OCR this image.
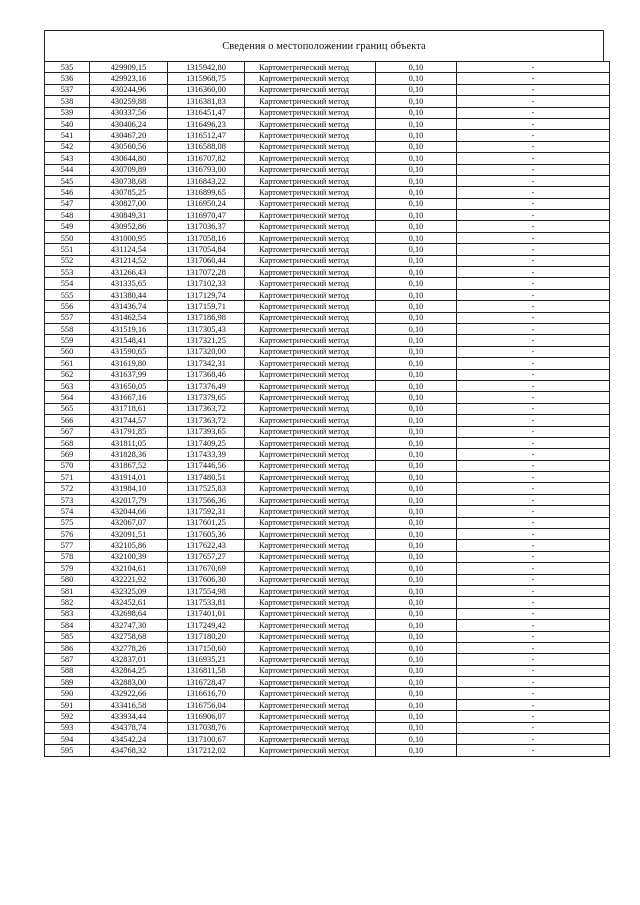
Сведения о местоположении границ объекта
535	429909,15	1315942,80	Картометрический метод	0,10	-
536	429923,16	1315968,75	Картометрический метод	0,10	-
537	430244,96	1316360,00	Картометрический метод	0,10	-
538	430259,88	1316381,83	Картометрический метод	0,10	-
539	430337,56	1316451,47	Картометрический метод	0,10	-
540	430406,24	1316496,23	Картометрический метод	0,10	-
541	430467,20	1316512,47	Картометрический метод	0,10	-
542	430560,56	1316588,08	Картометрический метод	0,10	-
543	430644,80	1316707,82	Картометрический метод	0,10	-
544	430709,89	1316793,00	Картометрический метод	0,10	-
545	430738,68	1316843,22	Картометрический метод	0,10	-
546	430785,25	1316899,65	Картометрический метод	0,10	-
547	430827,00	1316950,24	Картометрический метод	0,10	-
548	430849,31	1316970,47	Картометрический метод	0,10	-
549	430952,86	1317036,37	Картометрический метод	0,10	-
550	431000,95	1317058,16	Картометрический метод	0,10	-
551	431124,54	1317054,84	Картометрический метод	0,10	-
552	431214,52	1317060,44	Картометрический метод	0,10	-
553	431266,43	1317072,28	Картометрический метод	0,10	-
554	431335,65	1317102,33	Картометрический метод	0,10	-
555	431380,44	1317129,74	Картометрический метод	0,10	-
556	431436,74	1317159,71	Картометрический метод	0,10	-
557	431462,54	1317186,98	Картометрический метод	0,10	-
558	431519,16	1317305,43	Картометрический метод	0,10	-
559	431548,41	1317321,25	Картометрический метод	0,10	-
560	431590,65	1317320,00	Картометрический метод	0,10	-
561	431619,80	1317342,31	Картометрический метод	0,10	-
562	431637,99	1317368,46	Картометрический метод	0,10	-
563	431650,05	1317376,49	Картометрический метод	0,10	-
564	431667,16	1317379,65	Картометрический метод	0,10	-
565	431718,61	1317363,72	Картометрический метод	0,10	-
566	431744,57	1317363,72	Картометрический метод	0,10	-
567	431791,85	1317393,65	Картометрический метод	0,10	-
568	431811,05	1317409,25	Картометрический метод	0,10	-
569	431828,36	1317433,39	Картометрический метод	0,10	-
570	431867,52	1317446,56	Картометрический метод	0,10	-
571	431914,01	1317480,51	Картометрический метод	0,10	-
572	431984,10	1317525,83	Картометрический метод	0,10	-
573	432017,79	1317566,36	Картометрический метод	0,10	-
574	432044,66	1317592,31	Картометрический метод	0,10	-
575	432067,07	1317601,25	Картометрический метод	0,10	-
576	432091,51	1317605,36	Картометрический метод	0,10	-
577	432105,86	1317622,43	Картометрический метод	0,10	-
578	432100,39	1317657,27	Картометрический метод	0,10	-
579	432104,61	1317670,69	Картометрический метод	0,10	-
580	432221,92	1317606,30	Картометрический метод	0,10	-
581	432325,09	1317554,98	Картометрический метод	0,10	-
582	432452,61	1317533,81	Картометрический метод	0,10	-
583	432698,64	1317401,01	Картометрический метод	0,10	-
584	432747,30	1317249,42	Картометрический метод	0,10	-
585	432758,68	1317180,20	Картометрический метод	0,10	-
586	432778,26	1317150,60	Картометрический метод	0,10	-
587	432837,01	1316935,21	Картометрический метод	0,10	-
588	432864,25	1316811,58	Картометрический метод	0,10	-
589	432883,00	1316728,47	Картометрический метод	0,10	-
590	432922,66	1316616,70	Картометрический метод	0,10	-
591	433416,58	1316756,04	Картометрический метод	0,10	-
592	433934,44	1316906,07	Картометрический метод	0,10	-
593	434378,74	1317038,76	Картометрический метод	0,10	-
594	434542,24	1317100,67	Картометрический метод	0,10	-
595	434768,32	1317212,02	Картометрический метод	0,10	-
